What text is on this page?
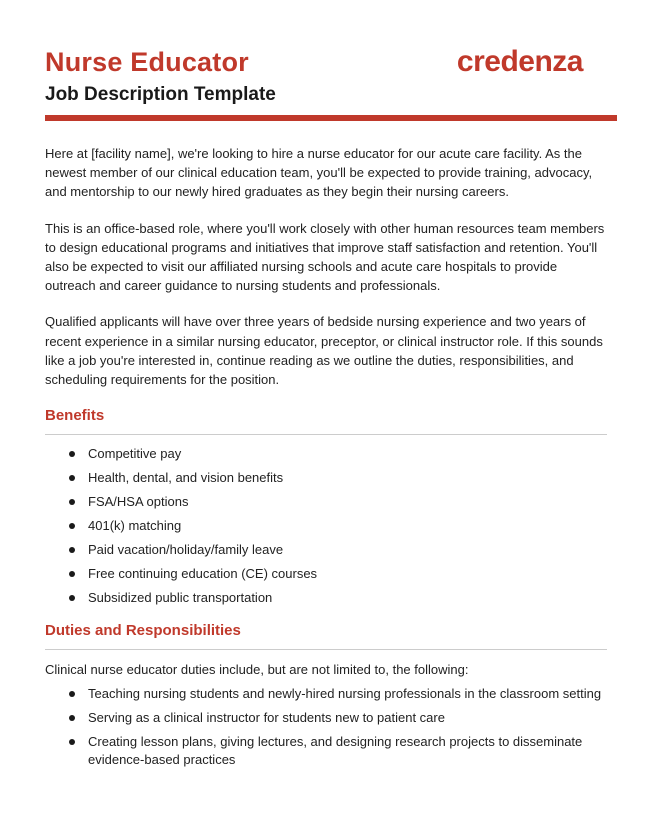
Nurse Educator
Job Description Template
credenza

Here at [facility name], we're looking to hire a nurse educator for our acute care facility. As the newest member of our clinical education team, you'll be expected to provide training, advocacy, and mentorship to our newly hired graduates as they begin their nursing careers.

This is an office-based role, where you'll work closely with other human resources team members to design educational programs and initiatives that improve staff satisfaction and retention. You'll also be expected to visit our affiliated nursing schools and acute care hospitals to provide outreach and career guidance to nursing students and professionals.

Qualified applicants will have over three years of bedside nursing experience and two years of recent experience in a similar nursing educator, preceptor, or clinical instructor role. If this sounds like a job you're interested in, continue reading as we outline the duties, responsibilities, and scheduling requirements for the position.

Benefits
Competitive pay
Health, dental, and vision benefits
FSA/HSA options
401(k) matching
Paid vacation/holiday/family leave
Free continuing education (CE) courses
Subsidized public transportation
Duties and Responsibilities

Clinical nurse educator duties include, but are not limited to, the following:

Teaching nursing students and newly-hired nursing professionals in the classroom setting
Serving as a clinical instructor for students new to patient care
Creating lesson plans, giving lectures, and designing research projects to disseminate evidence-based practices
